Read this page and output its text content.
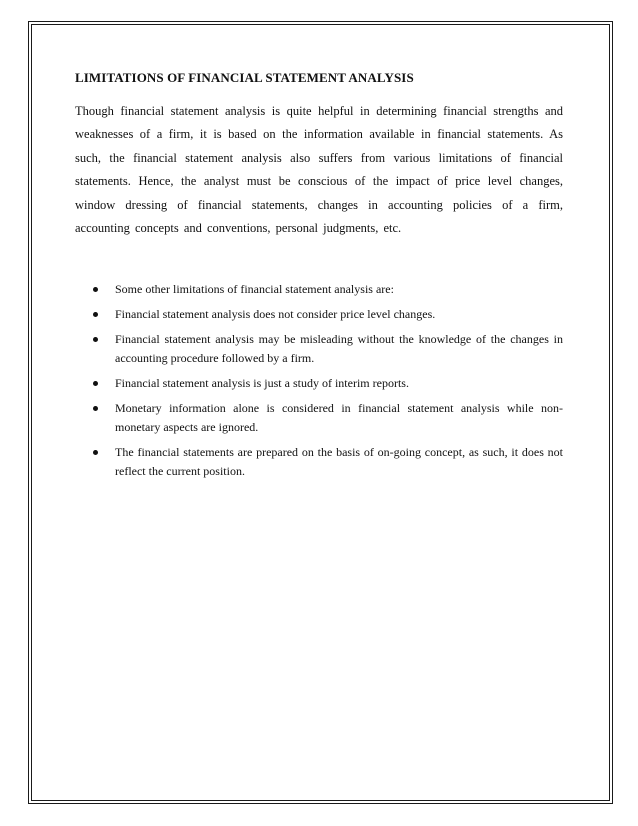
LIMITATIONS OF FINANCIAL STATEMENT ANALYSIS

Though financial statement analysis is quite helpful in determining financial strengths and weaknesses of a firm, it is based on the information available in financial statements. As such, the financial statement analysis also suffers from various limitations of financial statements. Hence, the analyst must be conscious of the impact of price level changes, window dressing of financial statements, changes in accounting policies of a firm, accounting concepts and conventions, personal judgments, etc.

Some other limitations of financial statement analysis are:
Financial statement analysis does not consider price level changes.
Financial statement analysis may be misleading without the knowledge of the changes in accounting procedure followed by a firm.
Financial statement analysis is just a study of interim reports.
Monetary information alone is considered in financial statement analysis while non-monetary aspects are ignored.
The financial statements are prepared on the basis of on-going concept, as such, it does not reflect the current position.
